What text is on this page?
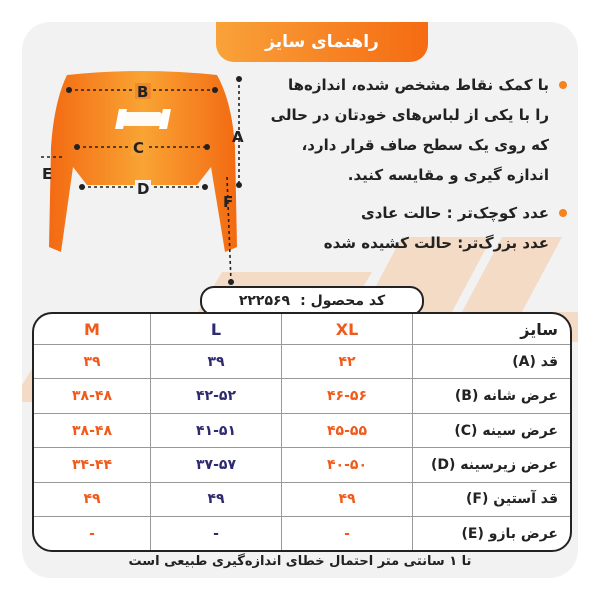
راهنمای سایز
B
C
D
E
A
F
با کمک نقاط مشخص شده، اندازه‌ها
را با یکی از لباس‌های خودتان در حالی
که روی یک سطح صاف قرار دارد،
اندازه گیری و مقایسه کنید.
عدد کوچک‌تر : حالت عادی
عدد بزرگ‌تر: حالت کشیده شده
کد محصول :
۲۲۲۵۶۹
سایز	XL	L	M
قد (A)	۴۲	۳۹	۳۹
عرض شانه (B)	۴۶-۵۶	۴۲-۵۲	۳۸-۴۸
عرض سینه (C)	۴۵-۵۵	۴۱-۵۱	۳۸-۴۸
عرض زیرسینه (D)	۴۰-۵۰	۳۷-۵۷	۳۴-۴۴
قد آستین (F)	۴۹	۴۹	۴۹
عرض بازو (E)	-	-	-
تا ۱ سانتی متر احتمال خطای اندازه‌گیری طبیعی است
